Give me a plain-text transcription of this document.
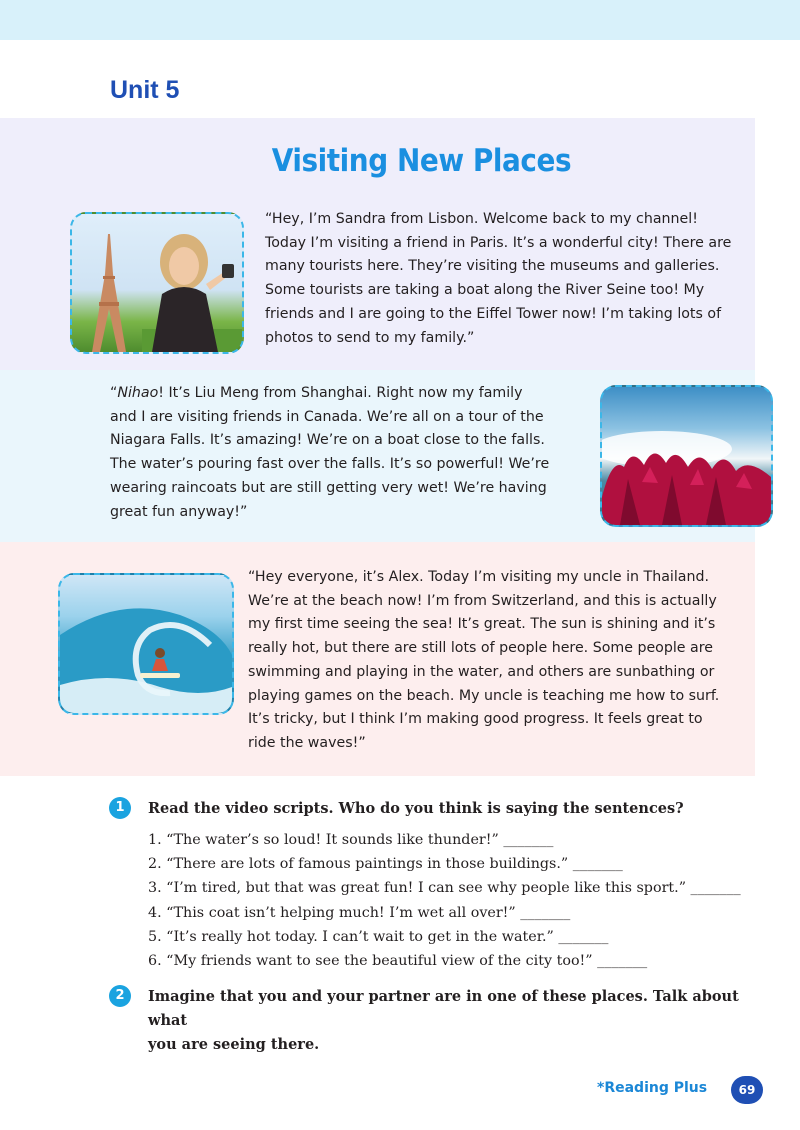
Unit 5
Visiting New Places
“Hey, I’m Sandra from Lisbon. Welcome back to my channel!
Today I’m visiting a friend in Paris. It’s a wonderful city! There are
many tourists here. They’re visiting the museums and galleries.
Some tourists are taking a boat along the River Seine too! My
friends and I are going to the Eiffel Tower now! I’m taking lots of
photos to send to my family.”
“Nihao! It’s Liu Meng from Shanghai. Right now my family
and I are visiting friends in Canada. We’re all on a tour of the
Niagara Falls. It’s amazing! We’re on a boat close to the falls.
The water’s pouring fast over the falls. It’s so powerful! We’re
wearing raincoats but are still getting very wet! We’re having
great fun anyway!”
“Hey everyone, it’s Alex. Today I’m visiting my uncle in Thailand.
We’re at the beach now! I’m from Switzerland, and this is actually
my first time seeing the sea! It’s great. The sun is shining and it’s
really hot, but there are still lots of people here. Some people are
swimming and playing in the water, and others are sunbathing or
playing games on the beach. My uncle is teaching me how to surf.
It’s tricky, but I think I’m making good progress. It feels great to
ride the waves!”
1	Read the video scripts. Who do you think is saying the sentences?
1. “The water’s so loud! It sounds like thunder!” _______
2. “There are lots of famous paintings in those buildings.” _______
3. “I’m tired, but that was great fun! I can see why people like this sport.” _______
4. “This coat isn’t helping much! I’m wet all over!” _______
5. “It’s really hot today. I can’t wait to get in the water.” _______
6. “My friends want to see the beautiful view of the city too!” _______
2	Imagine that you and your partner are in one of these places. Talk about what
you are seeing there.
*Reading Plus	69
